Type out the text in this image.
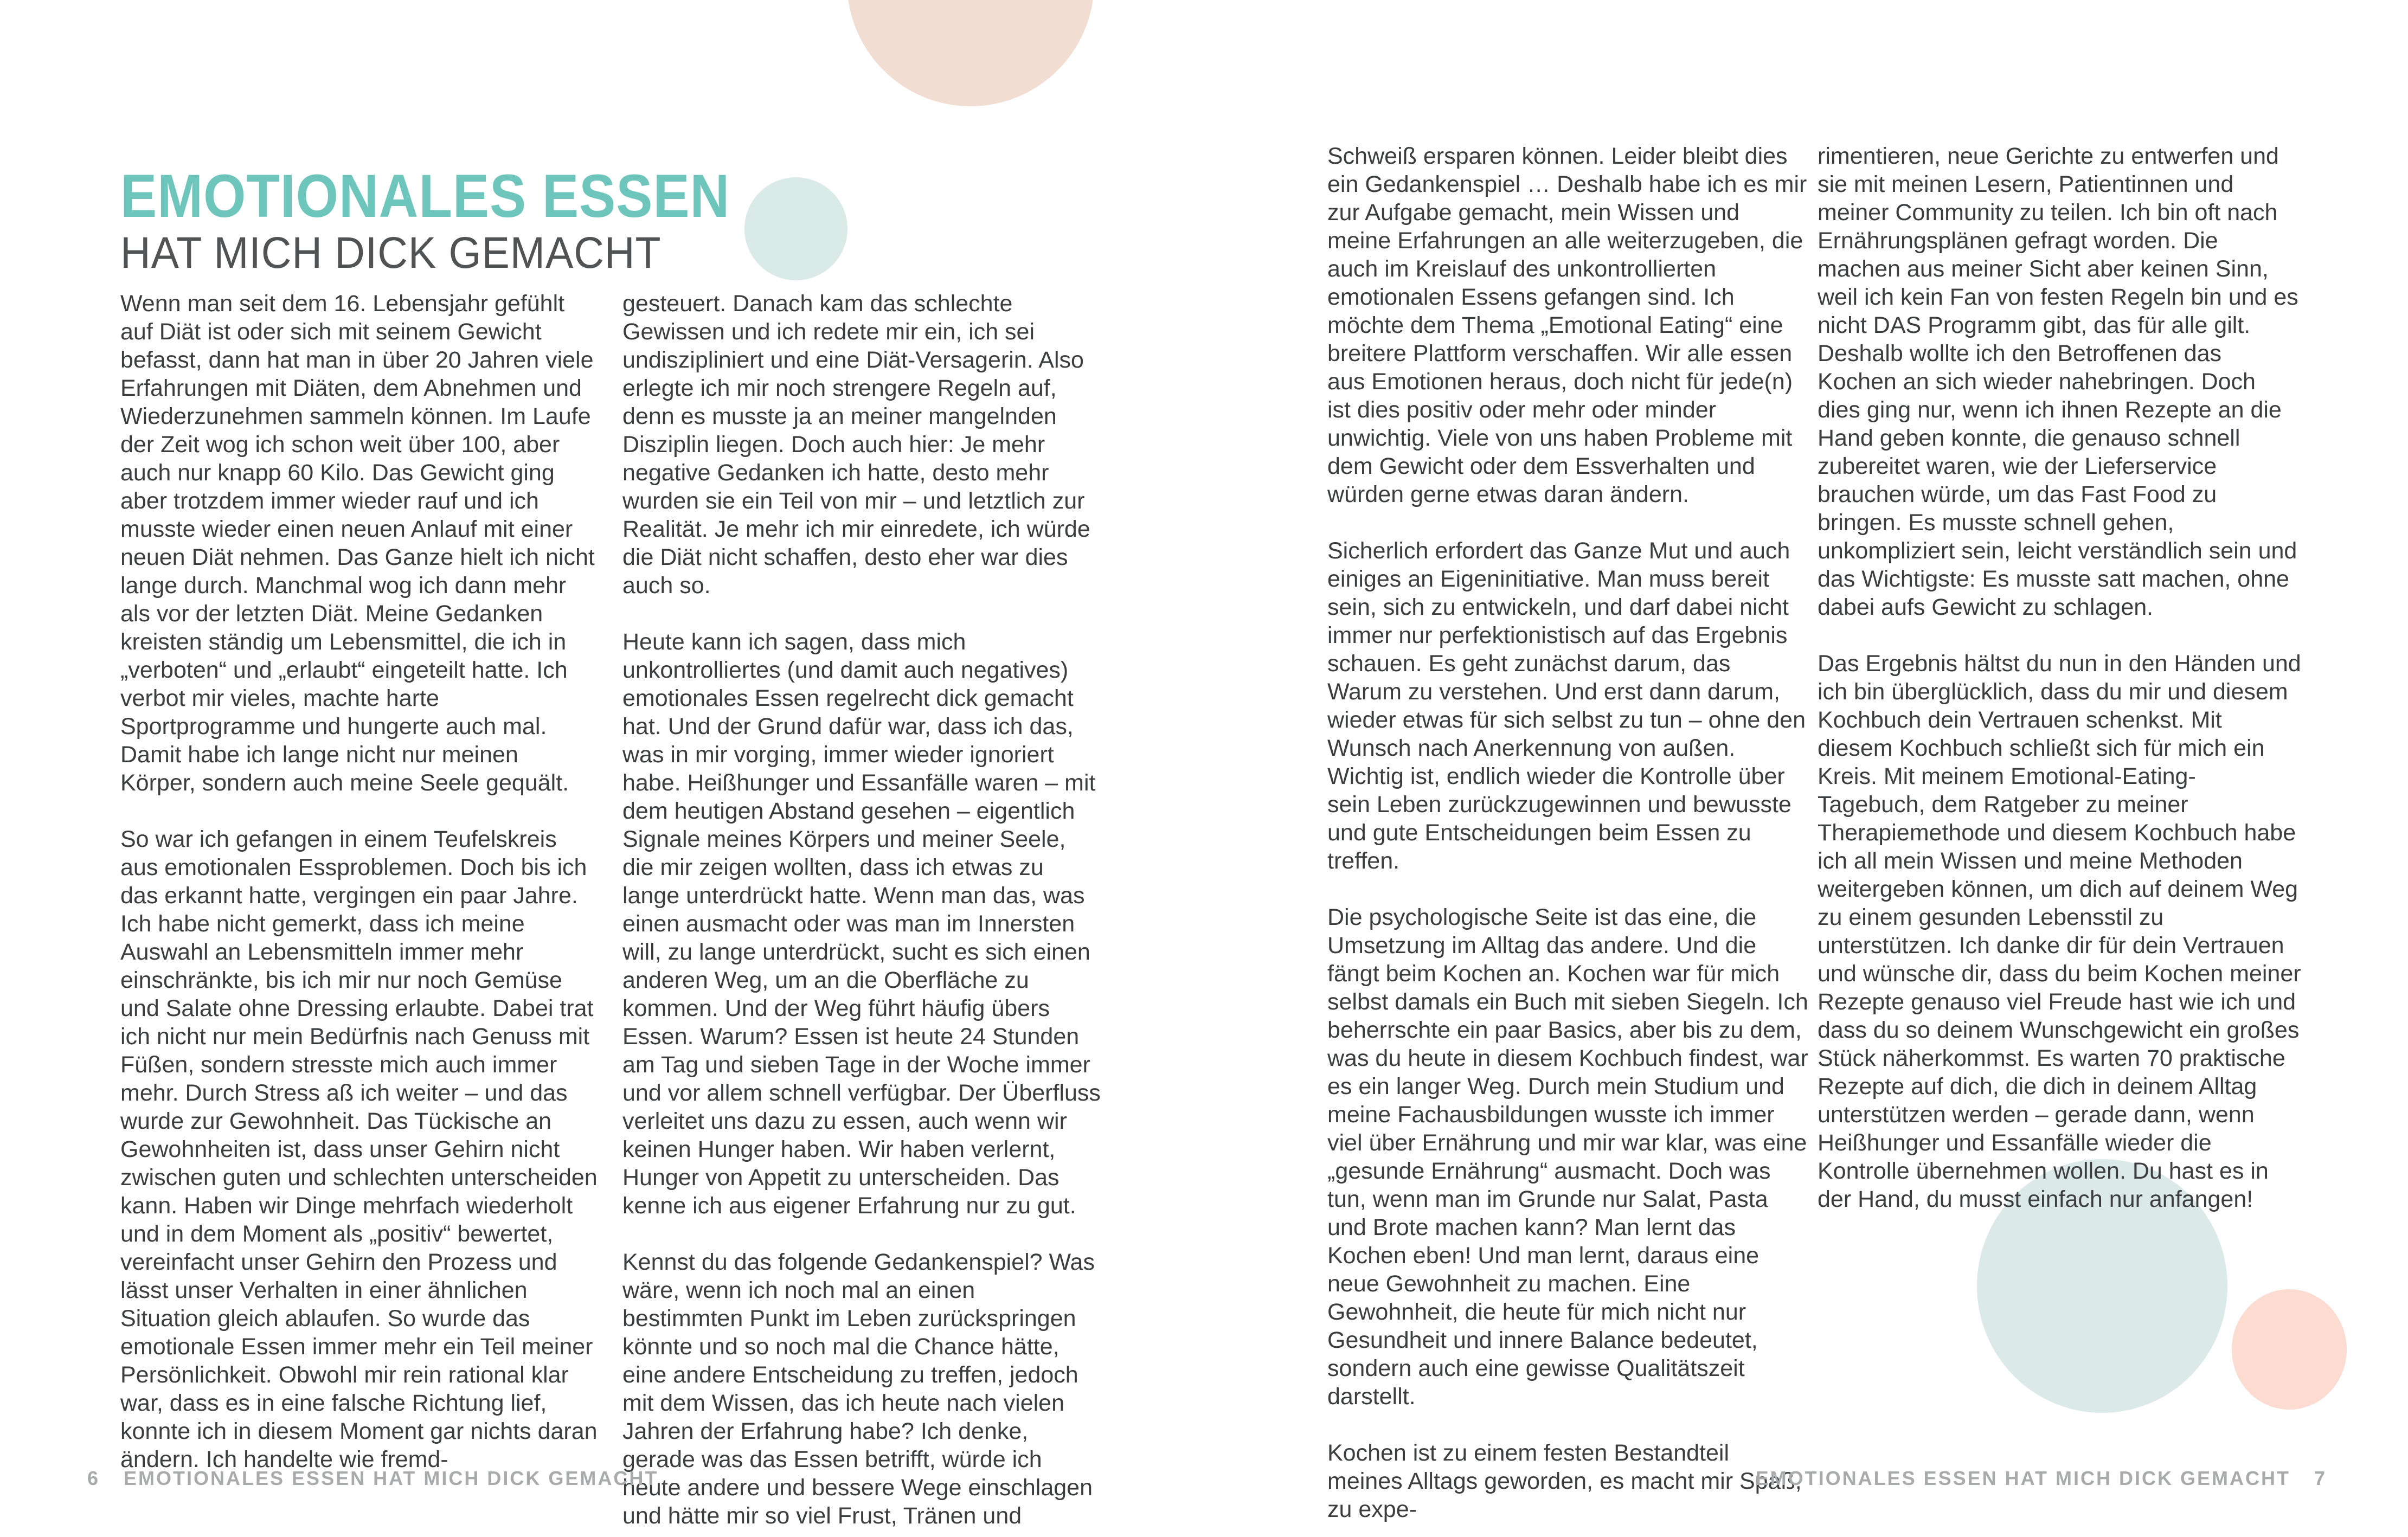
EMOTIONALES ESSEN
HAT MICH DICK GEMACHT

Wenn man seit dem 16. Lebensjahr gefühlt auf Diät ist oder sich mit seinem Gewicht befasst, dann hat man in über 20 Jahren viele Erfahrungen mit Diäten, dem Abnehmen und Wiederzunehmen sammeln können. Im Laufe der Zeit wog ich schon weit über 100, aber auch nur knapp 60 Kilo. Das Gewicht ging aber trotzdem immer wieder rauf und ich musste wieder einen neuen Anlauf mit einer neuen Diät nehmen. Das Ganze hielt ich nicht lange durch. Manchmal wog ich dann mehr als vor der letzten Diät. Meine Gedanken kreisten ständig um Lebensmittel, die ich in „verboten“ und „erlaubt“ eingeteilt hatte. Ich verbot mir vieles, machte harte Sportprogramme und hungerte auch mal. Damit habe ich lange nicht nur meinen Körper, sondern auch meine Seele gequält.

So war ich gefangen in einem Teufelskreis aus emotionalen Essproblemen. Doch bis ich das erkannt hatte, vergingen ein paar Jahre. Ich habe nicht gemerkt, dass ich meine Auswahl an Lebensmitteln immer mehr einschränkte, bis ich mir nur noch Gemüse und Salate ohne Dressing erlaubte. Dabei trat ich nicht nur mein Bedürfnis nach Genuss mit Füßen, sondern stresste mich auch immer mehr. Durch Stress aß ich weiter – und das wurde zur Gewohnheit. Das Tückische an Gewohnheiten ist, dass unser Gehirn nicht zwischen guten und schlechten unterscheiden kann. Haben wir Dinge mehrfach wiederholt und in dem Moment als „positiv“ bewertet, vereinfacht unser Gehirn den Prozess und lässt unser Verhalten in einer ähnlichen Situation gleich ablaufen. So wurde das emotionale Essen immer mehr ein Teil meiner Persönlichkeit. Obwohl mir rein rational klar war, dass es in eine falsche Richtung lief, konnte ich in diesem Moment gar nichts daran ändern. Ich handelte wie fremd-

gesteuert. Danach kam das schlechte Gewissen und ich redete mir ein, ich sei undiszipliniert und eine Diät-Versagerin. Also erlegte ich mir noch strengere Regeln auf, denn es musste ja an meiner mangelnden Disziplin liegen. Doch auch hier: Je mehr negative Gedanken ich hatte, desto mehr wurden sie ein Teil von mir – und letztlich zur Realität. Je mehr ich mir einredete, ich würde die Diät nicht schaffen, desto eher war dies auch so.

Heute kann ich sagen, dass mich unkontrolliertes (und damit auch negatives) emotionales Essen regelrecht dick gemacht hat. Und der Grund dafür war, dass ich das, was in mir vorging, immer wieder ignoriert habe. Heißhunger und Essanfälle waren – mit dem heutigen Abstand gesehen – eigentlich Signale meines Körpers und meiner Seele, die mir zeigen wollten, dass ich etwas zu lange unterdrückt hatte. Wenn man das, was einen ausmacht oder was man im Innersten will, zu lange unterdrückt, sucht es sich einen anderen Weg, um an die Oberfläche zu kommen. Und der Weg führt häufig übers Essen. Warum? Essen ist heute 24 Stunden am Tag und sieben Tage in der Woche immer und vor allem schnell verfügbar. Der Überfluss verleitet uns dazu zu essen, auch wenn wir keinen Hunger haben. Wir haben verlernt, Hunger von Appetit zu unterscheiden. Das kenne ich aus eigener Erfahrung nur zu gut.

Kennst du das folgende Gedankenspiel? Was wäre, wenn ich noch mal an einen bestimmten Punkt im Leben zurückspringen könnte und so noch mal die Chance hätte, eine andere Entscheidung zu treffen, jedoch mit dem Wissen, das ich heute nach vielen Jahren der Erfahrung habe? Ich denke, gerade was das Essen betrifft, würde ich heute andere und bessere Wege einschlagen und hätte mir so viel Frust, Tränen und

6 EMOTIONALES ESSEN HAT MICH DICK GEMACHT

Schweiß ersparen können. Leider bleibt dies ein Gedankenspiel … Deshalb habe ich es mir zur Aufgabe gemacht, mein Wissen und meine Erfahrungen an alle weiterzugeben, die auch im Kreislauf des unkontrollierten emotionalen Essens gefangen sind. Ich möchte dem Thema „Emotional Eating“ eine breitere Plattform verschaffen. Wir alle essen aus Emotionen heraus, doch nicht für jede(n) ist dies positiv oder mehr oder minder unwichtig. Viele von uns haben Probleme mit dem Gewicht oder dem Essverhalten und würden gerne etwas daran ändern.

Sicherlich erfordert das Ganze Mut und auch einiges an Eigeninitiative. Man muss bereit sein, sich zu entwickeln, und darf dabei nicht immer nur perfektionistisch auf das Ergebnis schauen. Es geht zunächst darum, das Warum zu verstehen. Und erst dann darum, wieder etwas für sich selbst zu tun – ohne den Wunsch nach Anerkennung von außen. Wichtig ist, endlich wieder die Kontrolle über sein Leben zurückzugewinnen und bewusste und gute Entscheidungen beim Essen zu treffen.

Die psychologische Seite ist das eine, die Umsetzung im Alltag das andere. Und die fängt beim Kochen an. Kochen war für mich selbst damals ein Buch mit sieben Siegeln. Ich beherrschte ein paar Basics, aber bis zu dem, was du heute in diesem Kochbuch findest, war es ein langer Weg. Durch mein Studium und meine Fachausbildungen wusste ich immer viel über Ernährung und mir war klar, was eine „gesunde Ernährung“ ausmacht. Doch was tun, wenn man im Grunde nur Salat, Pasta und Brote machen kann? Man lernt das Kochen eben! Und man lernt, daraus eine neue Gewohnheit zu machen. Eine Gewohnheit, die heute für mich nicht nur Gesundheit und innere Balance bedeutet, sondern auch eine gewisse Qualitätszeit darstellt.

Kochen ist zu einem festen Bestandteil meines Alltags geworden, es macht mir Spaß, zu expe-

rimentieren, neue Gerichte zu entwerfen und sie mit meinen Lesern, Patientinnen und meiner Community zu teilen. Ich bin oft nach Ernährungsplänen gefragt worden. Die machen aus meiner Sicht aber keinen Sinn, weil ich kein Fan von festen Regeln bin und es nicht DAS Programm gibt, das für alle gilt. Deshalb wollte ich den Betroffenen das Kochen an sich wieder nahebringen. Doch dies ging nur, wenn ich ihnen Rezepte an die Hand geben konnte, die genauso schnell zubereitet waren, wie der Lieferservice brauchen würde, um das Fast Food zu bringen. Es musste schnell gehen, unkompliziert sein, leicht verständlich sein und das Wichtigste: Es musste satt machen, ohne dabei aufs Gewicht zu schlagen.

Das Ergebnis hältst du nun in den Händen und ich bin überglücklich, dass du mir und diesem Kochbuch dein Vertrauen schenkst. Mit diesem Kochbuch schließt sich für mich ein Kreis. Mit meinem Emotional-Eating-Tagebuch, dem Ratgeber zu meiner Therapiemethode und diesem Kochbuch habe ich all mein Wissen und meine Methoden weitergeben können, um dich auf deinem Weg zu einem gesunden Lebensstil zu unterstützen. Ich danke dir für dein Vertrauen und wünsche dir, dass du beim Kochen meiner Rezepte genauso viel Freude hast wie ich und dass du so deinem Wunschgewicht ein großes Stück näherkommst. Es warten 70 praktische Rezepte auf dich, die dich in deinem Alltag unterstützen werden – gerade dann, wenn Heißhunger und Essanfälle wieder die Kontrolle übernehmen wollen. Du hast es in der Hand, du musst einfach nur anfangen!

EMOTIONALES ESSEN HAT MICH DICK GEMACHT 7
